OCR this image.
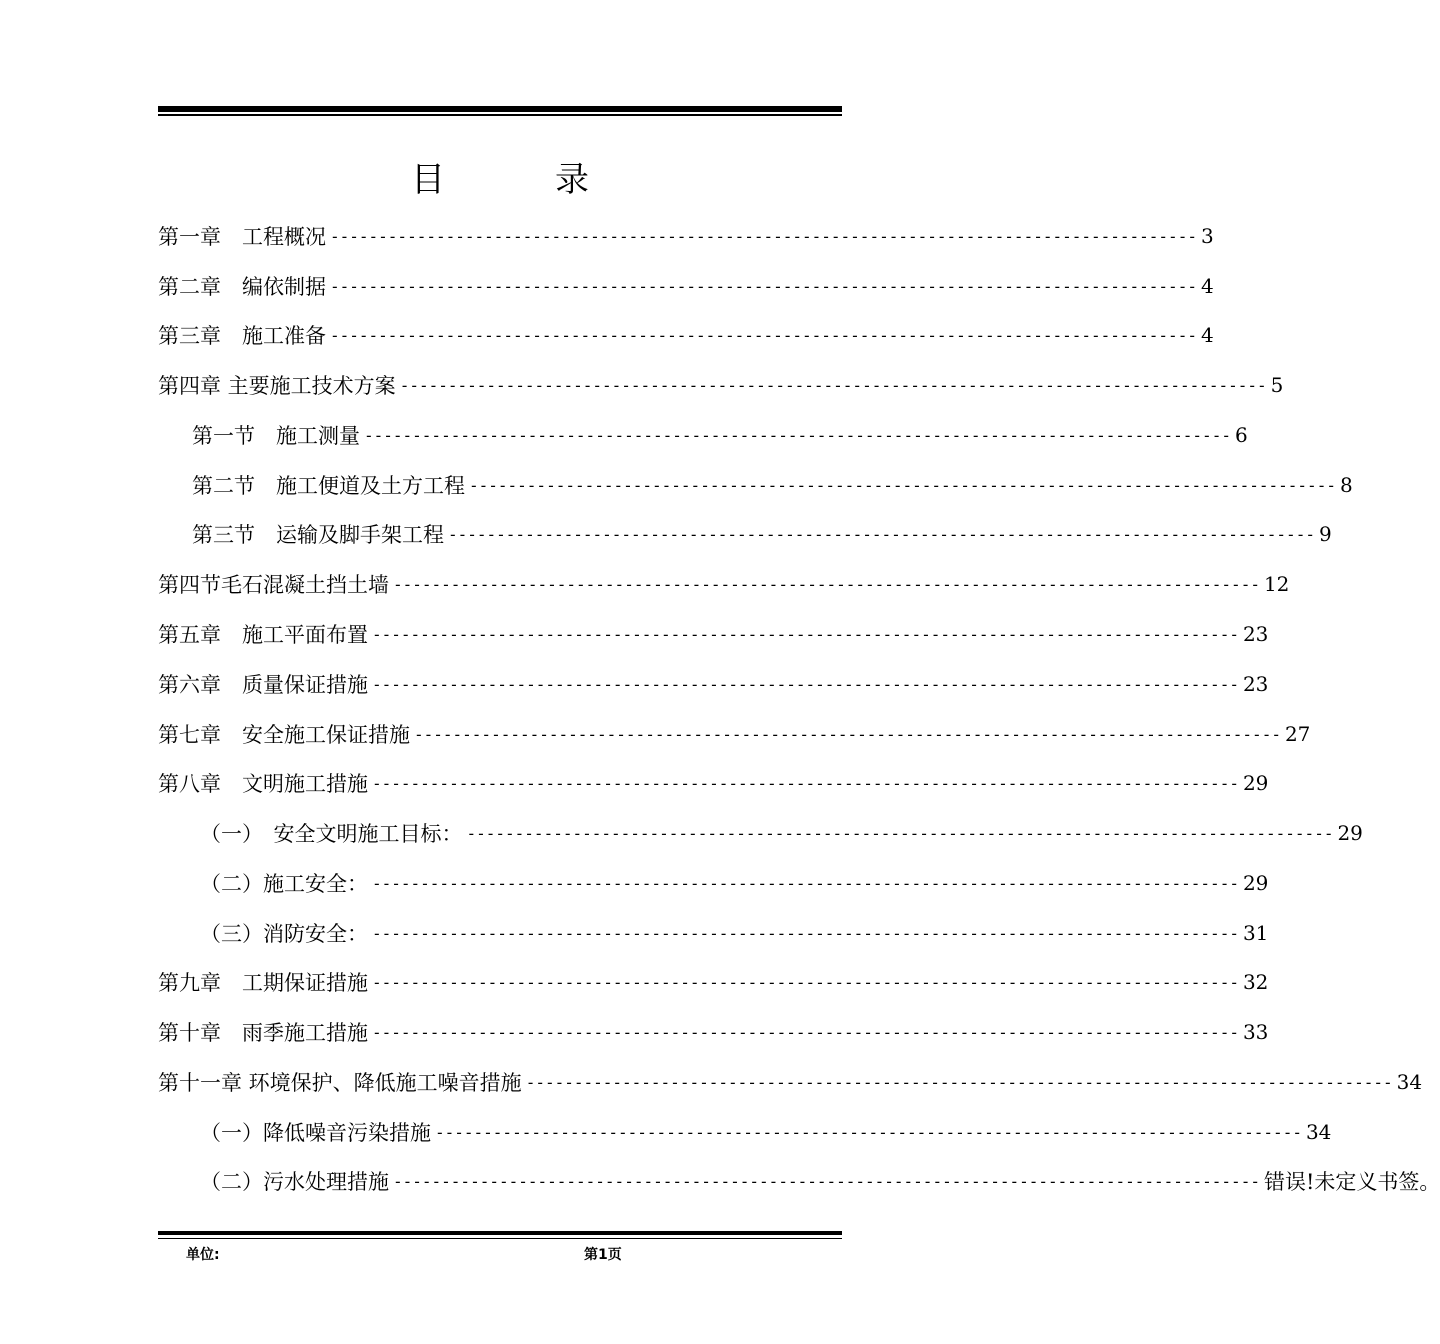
目	录
第一章　工程概况 ------------------------------------------------------------------------------------------ 3
第二章　编依制据 ------------------------------------------------------------------------------------------ 4
第三章　施工准备 ------------------------------------------------------------------------------------------ 4
第四章 主要施工技术方案 ------------------------------------------------------------------------------------------ 5
第一节　施工测量 ------------------------------------------------------------------------------------------ 6
第二节　施工便道及土方工程 ------------------------------------------------------------------------------------------ 8
第三节　运输及脚手架工程 ------------------------------------------------------------------------------------------ 9
第四节毛石混凝土挡土墙 ------------------------------------------------------------------------------------------ 12
第五章　施工平面布置 ------------------------------------------------------------------------------------------ 23
第六章　质量保证措施 ------------------------------------------------------------------------------------------ 23
第七章　安全施工保证措施 ------------------------------------------------------------------------------------------ 27
第八章　文明施工措施 ------------------------------------------------------------------------------------------ 29
（一）　安全文明施工目标： ------------------------------------------------------------------------------------------ 29
（二）施工安全： ------------------------------------------------------------------------------------------ 29
（三）消防安全： ------------------------------------------------------------------------------------------ 31
第九章　工期保证措施 ------------------------------------------------------------------------------------------ 32
第十章　雨季施工措施 ------------------------------------------------------------------------------------------ 33
第十一章 环境保护、降低施工噪音措施 ------------------------------------------------------------------------------------------ 34
（一）降低噪音污染措施 ------------------------------------------------------------------------------------------ 34
（二）污水处理措施 ------------------------------------------------------------------------------------------ 错误!未定义书签。
单位:	第1页
